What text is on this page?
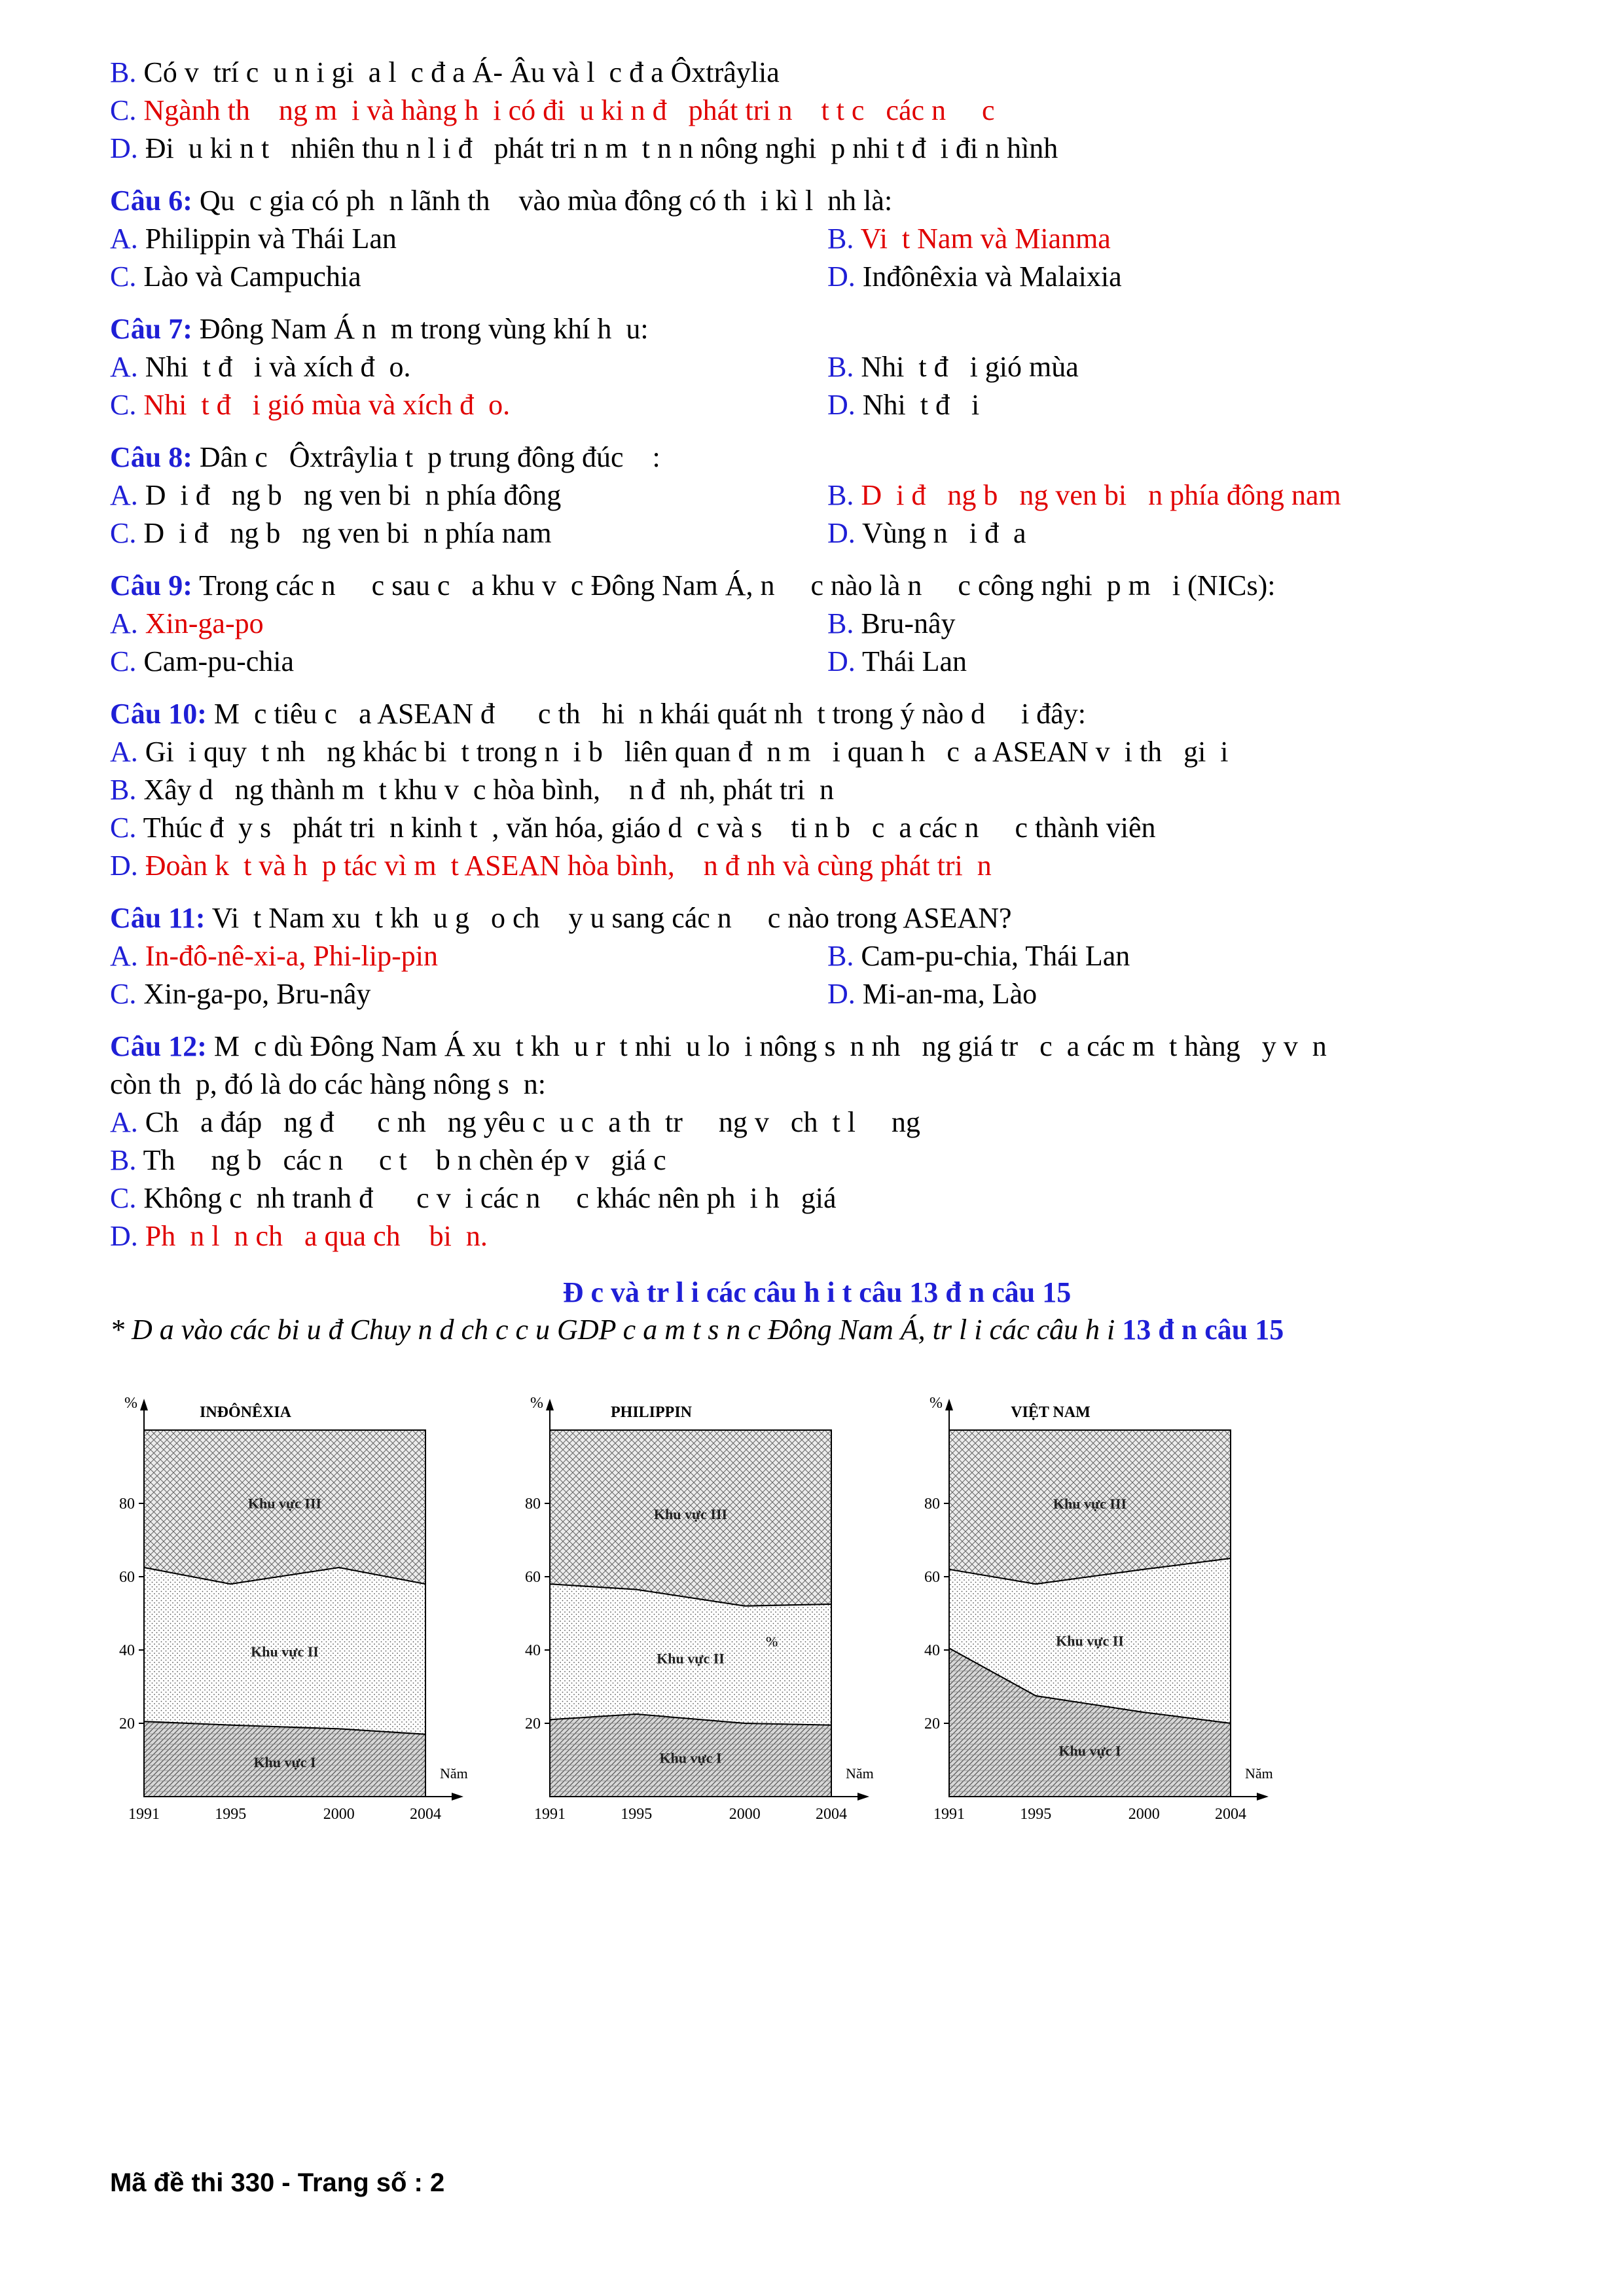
B. Có v  trí c  u n i gi  a l  c đ a Á- Âu và l  c đ a Ôxtrâylia
C. Ngành th    ng m  i và hàng h  i có đi  u ki n đ   phát tri n    t t c   các n     c
D. Đi  u ki n t   nhiên thu n l i đ   phát tri n m  t n n nông nghi  p nhi t đ  i đi n hình
Câu 6: Qu  c gia có ph  n lãnh th    vào mùa đông có th  i kì l  nh là:
A. Philippin và Thái Lan	B. Vi  t Nam và Mianma
C. Lào và Campuchia	D. Inđônêxia và Malaixia
Câu 7: Đông Nam Á n  m trong vùng khí h  u:
A. Nhi  t đ   i và xích đ  o.	B. Nhi  t đ   i gió mùa
C. Nhi  t đ   i gió mùa và xích đ  o.	D. Nhi  t đ   i
Câu 8: Dân c   Ôxtrâylia t  p trung đông đúc    :
A. D  i đ   ng b   ng ven bi  n phía đông	B. D  i đ   ng b   ng ven bi   n phía đông nam
C. D  i đ   ng b   ng ven bi  n phía nam	D. Vùng n   i đ  a
Câu 9: Trong các n     c sau c   a khu v  c Đông Nam Á, n     c nào là n     c công nghi  p m   i (NICs):
A. Xin-ga-po	B. Bru-nây
C. Cam-pu-chia	D. Thái Lan
Câu 10: M  c tiêu c   a ASEAN đ      c th   hi  n khái quát nh  t trong ý nào d     i đây:
A. Gi  i quy  t nh   ng khác bi  t trong n  i b   liên quan đ  n m   i quan h   c  a ASEAN v  i th   gi  i
B. Xây d   ng thành m  t khu v  c hòa bình,    n đ  nh, phát tri  n
C. Thúc đ  y s   phát tri  n kinh t  , văn hóa, giáo d  c và s    ti n b   c  a các n     c thành viên
D. Đoàn k  t và h  p tác vì m  t ASEAN hòa bình,    n đ nh và cùng phát tri  n
Câu 11: Vi  t Nam xu  t kh  u g   o ch    y u sang các n     c nào trong ASEAN?
A. In-đô-nê-xi-a, Phi-lip-pin	B. Cam-pu-chia, Thái Lan
C. Xin-ga-po, Bru-nây	D. Mi-an-ma, Lào
Câu 12: M  c dù Đông Nam Á xu  t kh  u r  t nhi  u lo  i nông s  n nh   ng giá tr   c  a các m  t hàng   y v  n
còn th  p, đó là do các hàng nông s  n:
A. Ch   a đáp   ng đ      c nh   ng yêu c  u c  a th  tr     ng v   ch  t l     ng
B. Th     ng b   các n     c t    b n chèn ép v   giá c
C. Không c  nh tranh đ      c v  i các n     c khác nên ph  i h   giá
D. Ph  n l  n ch   a qua ch    bi  n.
Đ c và tr l i các câu h i t câu 13 đ n câu 15
* D a vào các bi u đ Chuy n d ch c c u GDP c a m t s n c Đông Nam Á, tr l i các câu h i 13 đ n câu 15
20
40
60
80
%
Năm
1991	1995	2000	2004
INĐÔNÊXIA
Khu vực I
Khu vực II
Khu vực III
20
40
60
80
%
Năm
1991	1995	2000	2004
PHILIPPIN
Khu vực I
Khu vực II
Khu vực III
%
20
40
60
80
%
Năm
1991	1995	2000	2004
VIỆT NAM
Khu vực I
Khu vực II
Khu vực III
Mã đề thi 330 - Trang số : 2
